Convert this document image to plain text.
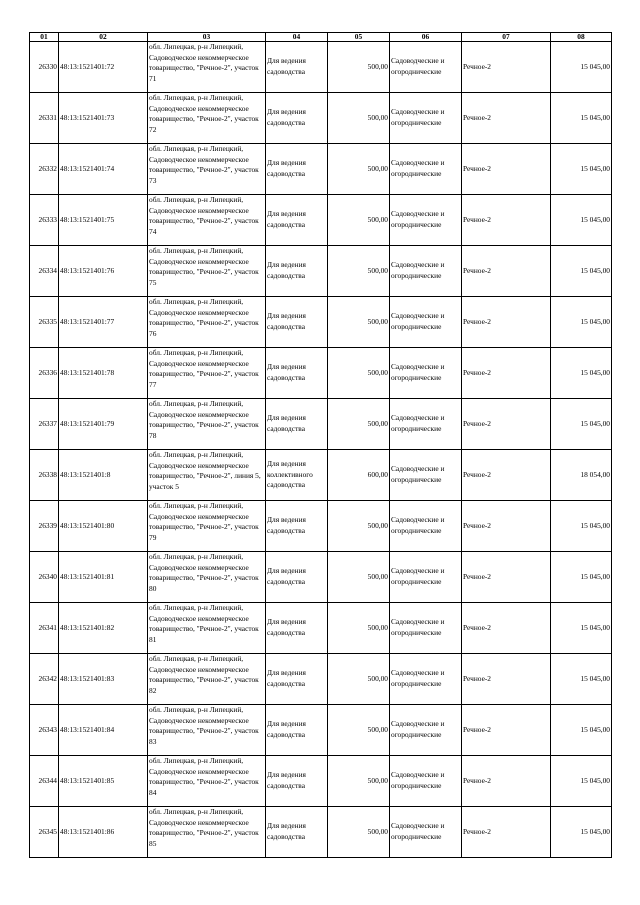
01	02	03	04	05	06	07	08
26330	48:13:1521401:72	обл. Липецкая, р-н Липецкий, Садоводческое некоммерческое товарищество, "Речное-2", участок 71	Для ведения садоводства	500,00	Садоводческие и огороднические	Речное-2	15 045,00
26331	48:13:1521401:73	обл. Липецкая, р-н Липецкий, Садоводческое некоммерческое товарищество, "Речное-2", участок 72	Для ведения садоводства	500,00	Садоводческие и огороднические	Речное-2	15 045,00
26332	48:13:1521401:74	обл. Липецкая, р-н Липецкий, Садоводческое некоммерческое товарищество, "Речное-2", участок 73	Для ведения садоводства	500,00	Садоводческие и огороднические	Речное-2	15 045,00
26333	48:13:1521401:75	обл. Липецкая, р-н Липецкий, Садоводческое некоммерческое товарищество, "Речное-2", участок 74	Для ведения садоводства	500,00	Садоводческие и огороднические	Речное-2	15 045,00
26334	48:13:1521401:76	обл. Липецкая, р-н Липецкий, Садоводческое некоммерческое товарищество, "Речное-2", участок 75	Для ведения садоводства	500,00	Садоводческие и огороднические	Речное-2	15 045,00
26335	48:13:1521401:77	обл. Липецкая, р-н Липецкий, Садоводческое некоммерческое товарищество, "Речное-2", участок 76	Для ведения садоводства	500,00	Садоводческие и огороднические	Речное-2	15 045,00
26336	48:13:1521401:78	обл. Липецкая, р-н Липецкий, Садоводческое некоммерческое товарищество, "Речное-2", участок 77	Для ведения садоводства	500,00	Садоводческие и огороднические	Речное-2	15 045,00
26337	48:13:1521401:79	обл. Липецкая, р-н Липецкий, Садоводческое некоммерческое товарищество, "Речное-2", участок 78	Для ведения садоводства	500,00	Садоводческие и огороднические	Речное-2	15 045,00
26338	48:13:1521401:8	обл. Липецкая, р-н Липецкий, Садоводческое некоммерческое товарищество, "Речное-2", линия 5, участок 5	Для ведения коллективного садоводства	600,00	Садоводческие и огороднические	Речное-2	18 054,00
26339	48:13:1521401:80	обл. Липецкая, р-н Липецкий, Садоводческое некоммерческое товарищество, "Речное-2", участок 79	Для ведения садоводства	500,00	Садоводческие и огороднические	Речное-2	15 045,00
26340	48:13:1521401:81	обл. Липецкая, р-н Липецкий, Садоводческое некоммерческое товарищество, "Речное-2", участок 80	Для ведения садоводства	500,00	Садоводческие и огороднические	Речное-2	15 045,00
26341	48:13:1521401:82	обл. Липецкая, р-н Липецкий, Садоводческое некоммерческое товарищество, "Речное-2", участок 81	Для ведения садоводства	500,00	Садоводческие и огороднические	Речное-2	15 045,00
26342	48:13:1521401:83	обл. Липецкая, р-н Липецкий, Садоводческое некоммерческое товарищество, "Речное-2", участок 82	Для ведения садоводства	500,00	Садоводческие и огороднические	Речное-2	15 045,00
26343	48:13:1521401:84	обл. Липецкая, р-н Липецкий, Садоводческое некоммерческое товарищество, "Речное-2", участок 83	Для ведения садоводства	500,00	Садоводческие и огороднические	Речное-2	15 045,00
26344	48:13:1521401:85	обл. Липецкая, р-н Липецкий, Садоводческое некоммерческое товарищество, "Речное-2", участок 84	Для ведения садоводства	500,00	Садоводческие и огороднические	Речное-2	15 045,00
26345	48:13:1521401:86	обл. Липецкая, р-н Липецкий, Садоводческое некоммерческое товарищество, "Речное-2", участок 85	Для ведения садоводства	500,00	Садоводческие и огороднические	Речное-2	15 045,00
